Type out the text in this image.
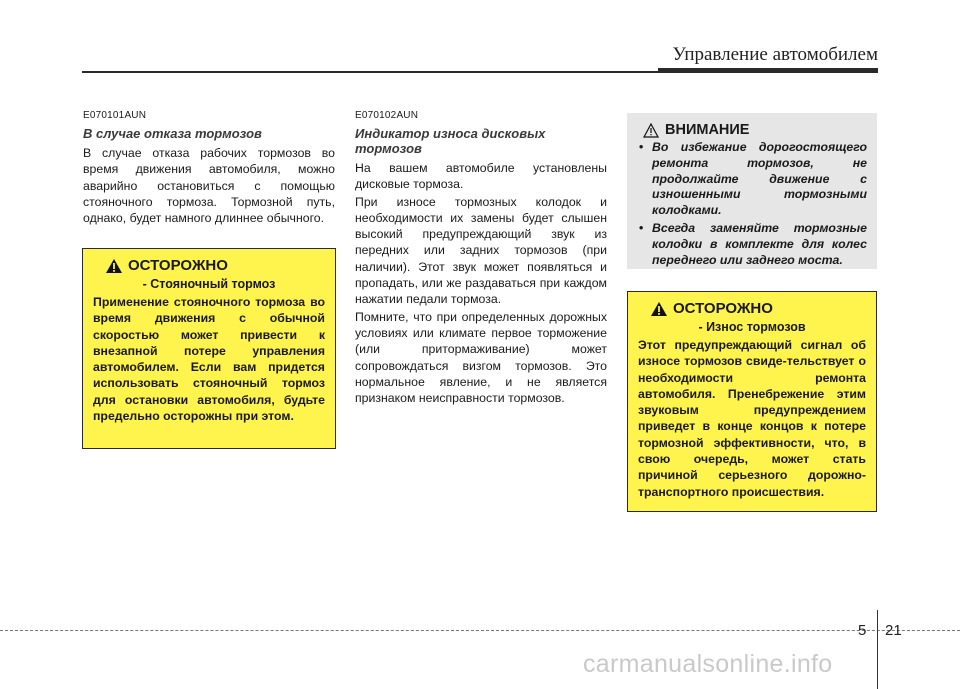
Управление автомобилем
E070101AUN
В случае отказа тормозов
В случае отказа рабочих тормозов во время движения автомобиля, можно аварийно остановиться с помощью стояночного тормоза. Тормозной путь, однако, будет намного длиннее обычного.
ОСТОРОЖНО
- Стояночный тормоз
Применение стояночного тормоза во время движения с обычной скоростью может привести к внезапной потере управления автомобилем. Если вам придется использовать стояночный тормоз для остановки автомобиля, будьте предельно осторожны при этом.
E070102AUN
Индикатор износа дисковых тормозов
На вашем автомобиле установлены дисковые тормоза.
При износе тормозных колодок и необходимости их замены будет слышен высокий предупреждающий звук из передних или задних тормозов (при наличии). Этот звук может появляться и пропадать, или же раздаваться при каждом нажатии педали тормоза.
Помните, что при определенных дорожных условиях или климате первое торможение (или притормаживание) может сопровождаться визгом тормозов. Это нормальное явление, и не является признаком неисправности тормозов.
ВНИМАНИЕ
• Во избежание дорогостоящего ремонта тормозов, не продолжайте движение с изношенными тормозными колодками.
• Всегда заменяйте тормозные колодки в комплекте для колес переднего или заднего моста.
ОСТОРОЖНО
- Износ тормозов
Этот предупреждающий сигнал об износе тормозов свиде-тельствует о необходимости ремонта автомобиля. Пренебрежение этим звуковым предупреждением приведет в конце концов к потере тормозной эффективности, что, в свою очередь, может стать причиной серьезного дорожно-транспортного происшествия.
5 21
carmanualsonline.info
